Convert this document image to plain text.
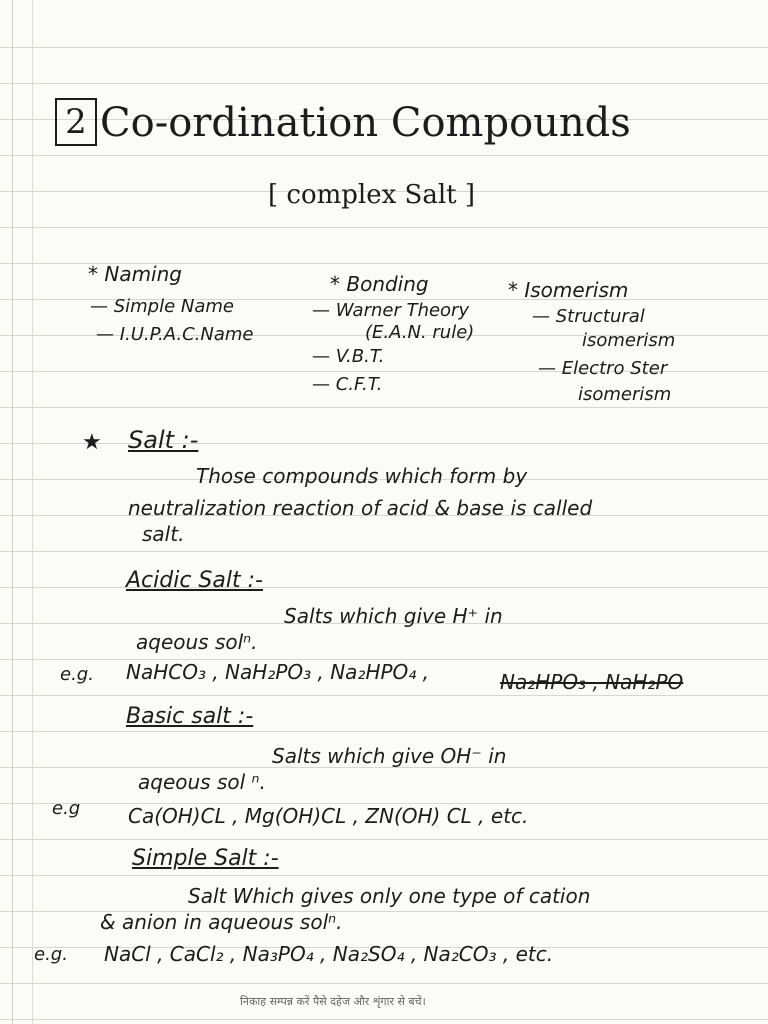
2 Co-ordination Compounds
[ complex Salt ]
* Naming
— Simple Name
— I.U.P.A.C.Name
* Bonding
— Warner Theory
(E.A.N. rule)
— V.B.T.
— C.F.T.
* Isomerism
— Structural
isomerism
— Electro Ster
isomerism
★ Salt :-
Those compounds which form by
neutralization reaction of acid & base is called
salt.
Acidic Salt :-
Salts which give H⁺ in
aqeous solⁿ.
e.g. NaHCO₃ , NaH₂PO₃ , Na₂HPO₄ ,	Na₂HPO₃ , NaH₂PO
Basic salt :-
Salts which give OH⁻ in
aqeous sol ⁿ.
e.g Ca(OH)CL , Mg(OH)CL , ZN(OH) CL , etc.
Simple Salt :-
Salt Which gives only one type of cation
& anion in aqueous solⁿ.
e.g. NaCl , CaCl₂ , Na₃PO₄ , Na₂SO₄ , Na₂CO₃ , etc.
निकाह सम्पन्न करें पैसे दहेज और शृंगार से बचें।
